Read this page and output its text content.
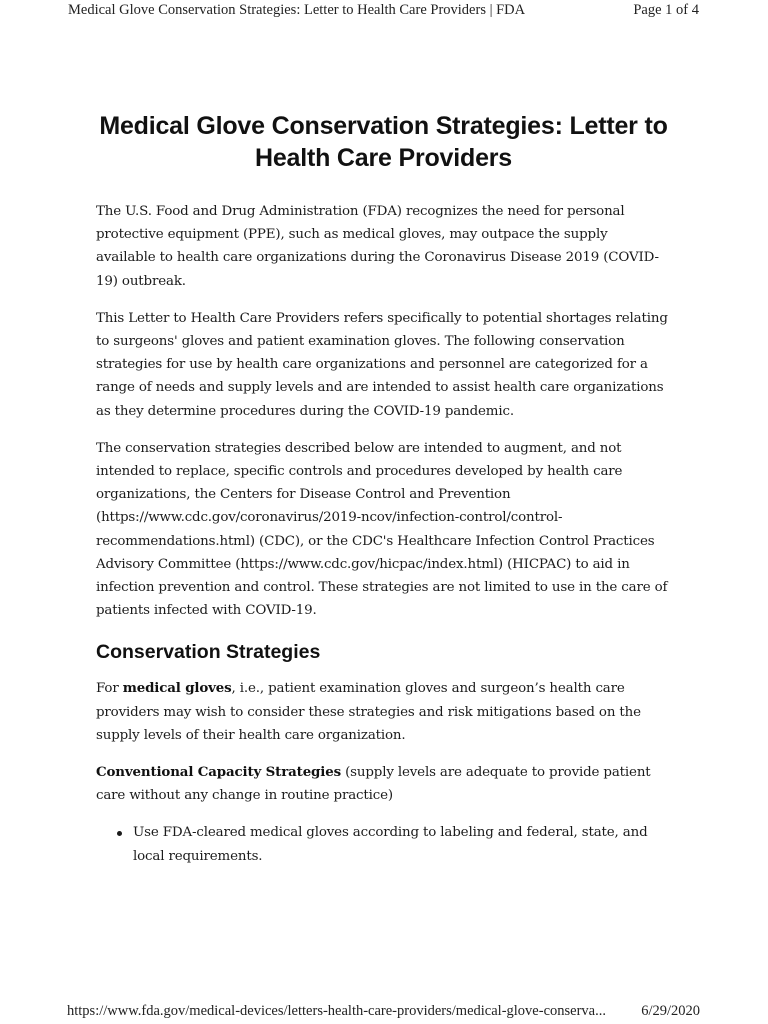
Medical Glove Conservation Strategies: Letter to Health Care Providers | FDA	Page 1 of 4
Medical Glove Conservation Strategies: Letter to Health Care Providers

The U.S. Food and Drug Administration (FDA) recognizes the need for personal protective equipment (PPE), such as medical gloves, may outpace the supply available to health care organizations during the Coronavirus Disease 2019 (COVID-19) outbreak.

This Letter to Health Care Providers refers specifically to potential shortages relating to surgeons' gloves and patient examination gloves. The following conservation strategies for use by health care organizations and personnel are categorized for a range of needs and supply levels and are intended to assist health care organizations as they determine procedures during the COVID-19 pandemic.

The conservation strategies described below are intended to augment, and not intended to replace, specific controls and procedures developed by health care organizations, the Centers for Disease Control and Prevention (https://www.cdc.gov/coronavirus/2019-ncov/infection-control/control-recommendations.html) (CDC), or the CDC's Healthcare Infection Control Practices Advisory Committee (https://www.cdc.gov/hicpac/index.html) (HICPAC) to aid in infection prevention and control. These strategies are not limited to use in the care of patients infected with COVID-19.

Conservation Strategies

For medical gloves, i.e., patient examination gloves and surgeon’s health care providers may wish to consider these strategies and risk mitigations based on the supply levels of their health care organization.

Conventional Capacity Strategies (supply levels are adequate to provide patient care without any change in routine practice)

Use FDA-cleared medical gloves according to labeling and federal, state, and local requirements.
https://www.fda.gov/medical-devices/letters-health-care-providers/medical-glove-conserva... 6/29/2020
